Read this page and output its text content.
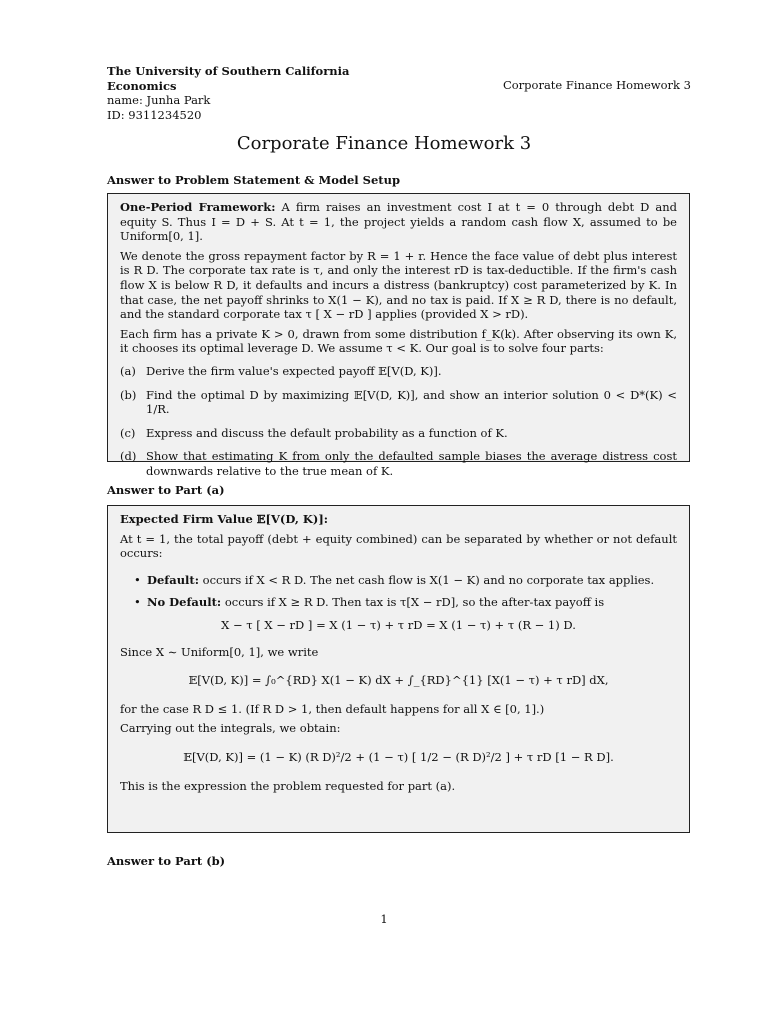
The University of Southern California
Economics
name: Junha Park
ID: 9311234520
Corporate Finance Homework 3
Corporate Finance Homework 3
Answer to Problem Statement & Model Setup

One-Period Framework: A firm raises an investment cost I at t = 0 through debt D and equity S. Thus I = D + S. At t = 1, the project yields a random cash flow X, assumed to be Uniform[0, 1].

We denote the gross repayment factor by R = 1 + r. Hence the face value of debt plus interest is R D. The corporate tax rate is τ, and only the interest rD is tax-deductible. If the firm's cash flow X is below R D, it defaults and incurs a distress (bankruptcy) cost parameterized by K. In that case, the net payoff shrinks to X(1 − K), and no tax is paid. If X ≥ R D, there is no default, and the standard corporate tax τ [ X − rD ] applies (provided X > rD).

Each firm has a private K > 0, drawn from some distribution f_K(k). After observing its own K, it chooses its optimal leverage D. We assume τ < K. Our goal is to solve four parts:

(a) Derive the firm value's expected payoff 𝔼[V(D, K)].
(b) Find the optimal D by maximizing 𝔼[V(D, K)], and show an interior solution 0 < D*(K) < 1/R.
(c) Express and discuss the default probability as a function of K.
(d) Show that estimating K from only the defaulted sample biases the average distress cost downwards relative to the true mean of K.
Answer to Part (a)

Expected Firm Value 𝔼[V(D, K)]:

At t = 1, the total payoff (debt + equity combined) can be separated by whether or not default occurs:

• Default: occurs if X < R D. The net cash flow is X(1 − K) and no corporate tax applies.
• No Default: occurs if X ≥ R D. Then tax is τ[X − rD], so the after-tax payoff is
X − τ [ X − rD ] = X (1 − τ) + τ rD = X (1 − τ) + τ (R − 1) D.

Since X ∼ Uniform[0, 1], we write

𝔼[V(D, K)] = ∫₀^{RD} X(1 − K) dX + ∫_{RD}^{1} [X(1 − τ) + τ rD] dX,

for the case R D ≤ 1. (If R D > 1, then default happens for all X ∈ [0, 1].)

Carrying out the integrals, we obtain:

𝔼[V(D, K)] = (1 − K) (R D)²/2 + (1 − τ) [ 1/2 − (R D)²/2 ] + τ rD [1 − R D].

This is the expression the problem requested for part (a).

Answer to Part (b)
1
